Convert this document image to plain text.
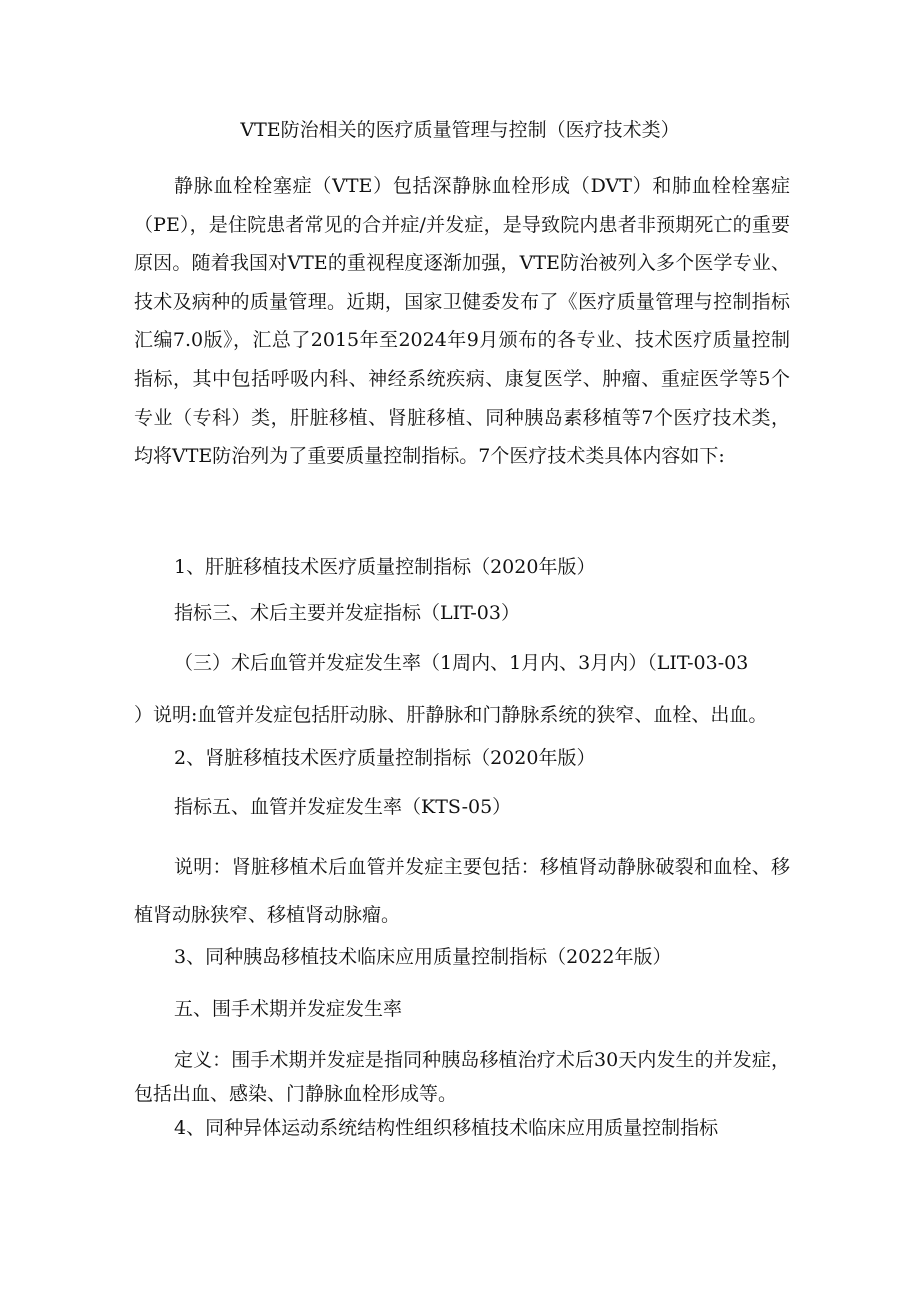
VTE防治相关的医疗质量管理与控制（医疗技术类）

静脉血栓栓塞症（VTE）包括深静脉血栓形成（DVT）和肺血栓栓塞症（PE），是住院患者常见的合并症/并发症，是导致院内患者非预期死亡的重要原因。随着我国对VTE的重视程度逐渐加强，VTE防治被列入多个医学专业、技术及病种的质量管理。近期，国家卫健委发布了《医疗质量管理与控制指标汇编7.0版》，汇总了2015年至2024年9月颁布的各专业、技术医疗质量控制指标，其中包括呼吸内科、神经系统疾病、康复医学、肿瘤、重症医学等5个专业（专科）类，肝脏移植、肾脏移植、同种胰岛素移植等7个医疗技术类，均将VTE防治列为了重要质量控制指标。7个医疗技术类具体内容如下:

1、肝脏移植技术医疗质量控制指标（2020年版）

指标三、术后主要并发症指标（LIT-03）

（三）术后血管并发症发生率（1周内、1月内、3月内）（LIT-03-03

）说明:血管并发症包括肝动脉、肝静脉和门静脉系统的狭窄、血栓、出血。

2、肾脏移植技术医疗质量控制指标（2020年版）

指标五、血管并发症发生率（KTS-05）

说明：肾脏移植术后血管并发症主要包括：移植肾动静脉破裂和血栓、移植肾动脉狭窄、移植肾动脉瘤。

3、同种胰岛移植技术临床应用质量控制指标（2022年版）

五、围手术期并发症发生率

定义：围手术期并发症是指同种胰岛移植治疗术后30天内发生的并发症，包括出血、感染、门静脉血栓形成等。

4、同种异体运动系统结构性组织移植技术临床应用质量控制指标
